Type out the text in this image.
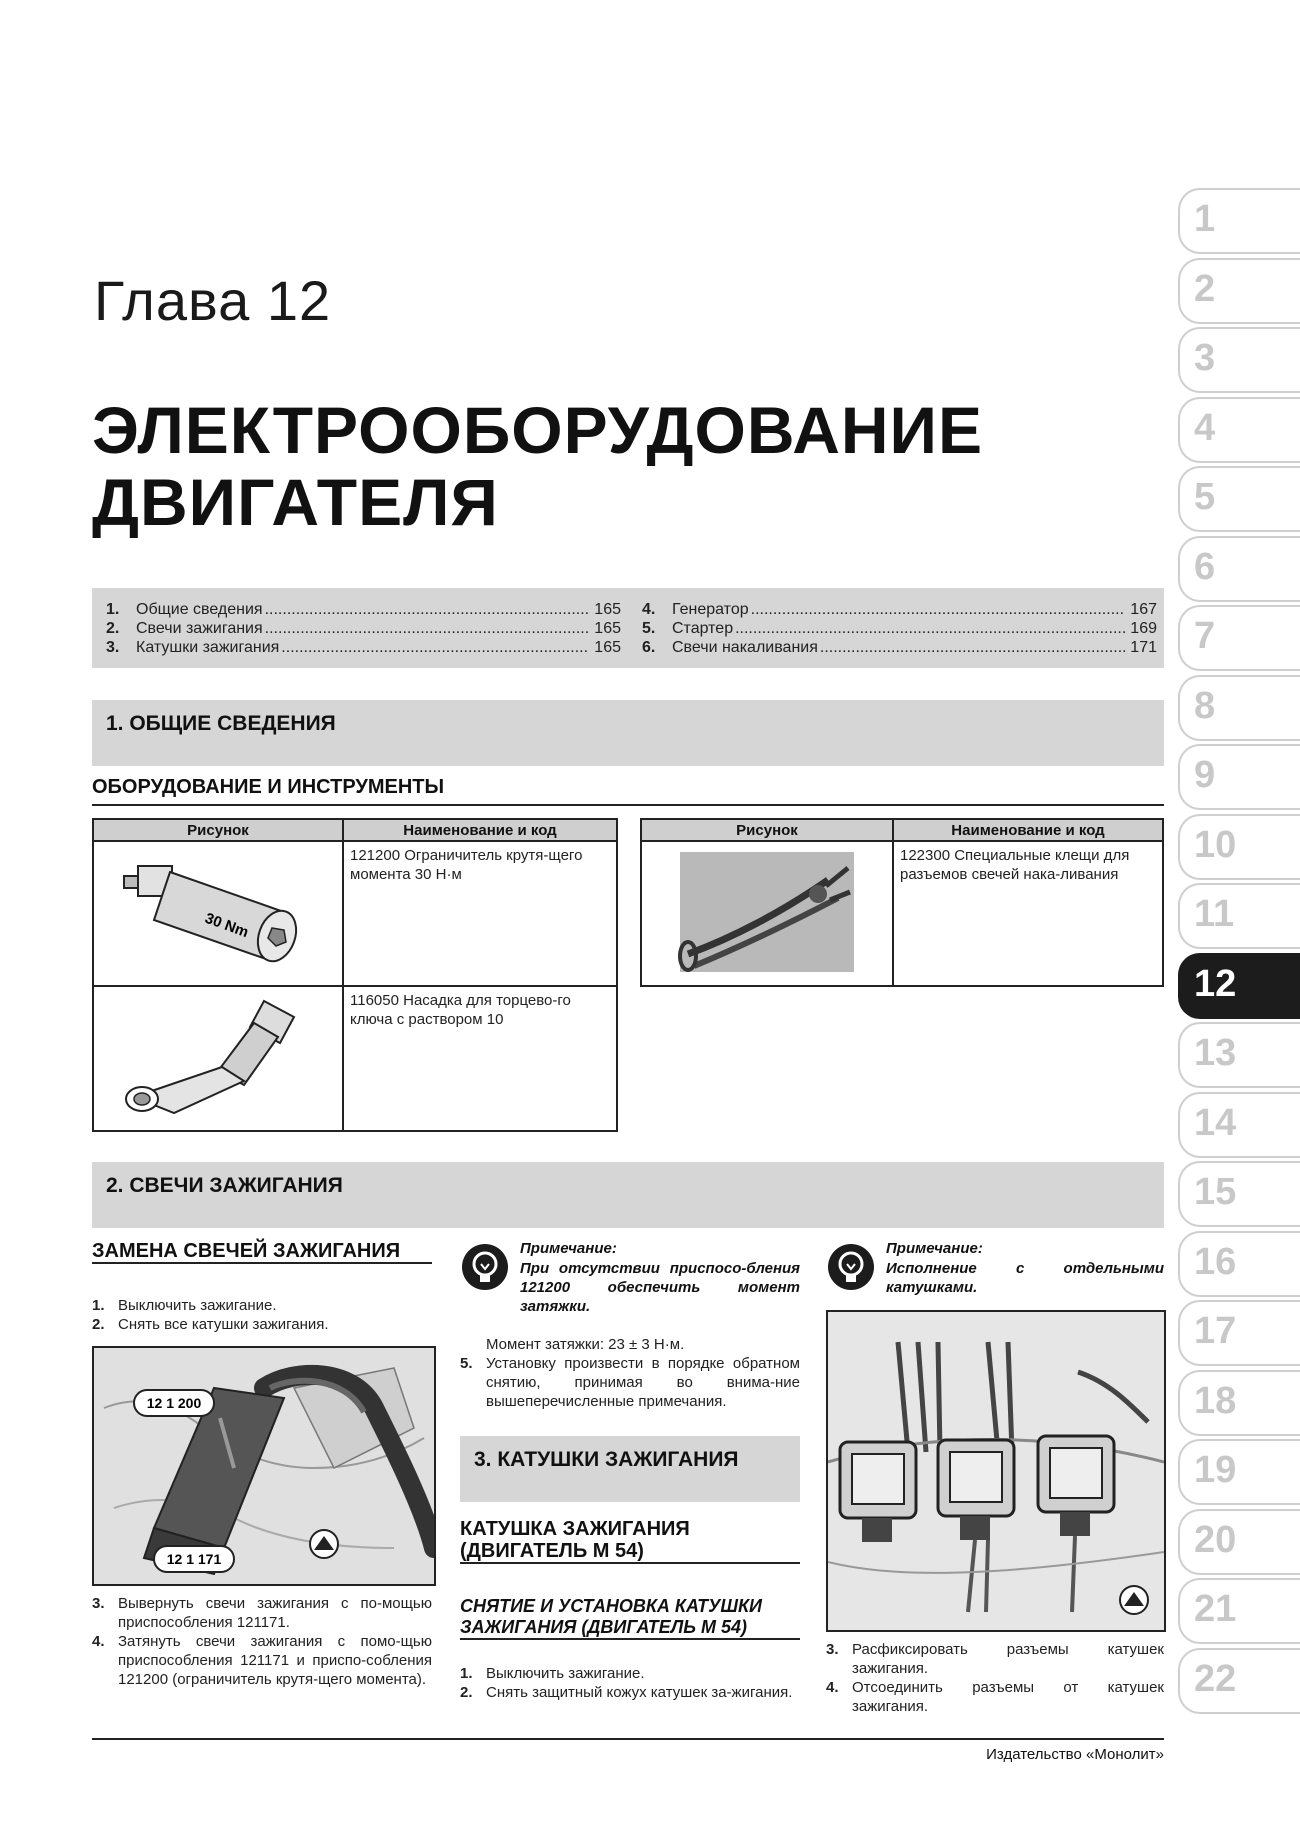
Глава 12
ЭЛЕКТРООБОРУДОВАНИЕ
ДВИГАТЕЛЯ
1.	Общие сведения .....	165
2.	Свечи зажигания .....	165
3.	Катушки зажигания .....	165
4.	Генератор .....	167
5.	Стартер .....	169
6.	Свечи накаливания .....	171
1. ОБЩИЕ СВЕДЕНИЯ
ОБОРУДОВАНИЕ И ИНСТРУМЕНТЫ
Рисунок	Наименование и код

30 Nm	121200 Ограничитель крутя-щего момента 30 Н·м
	116050 Насадка для торцево-го ключа с раствором 10
Рисунок	Наименование и код
	122300 Специальные клещи для разъемов свечей нака-ливания
2. СВЕЧИ ЗАЖИГАНИЯ
ЗАМЕНА СВЕЧЕЙ ЗАЖИГАНИЯ
1. Выключить зажигание.
2. Снять все катушки зажигания.
12 1 200
12 1 171
3. Вывернуть свечи зажигания с по-мощью приспособления 121171.
4. Затянуть свечи зажигания с помо-щью приспособления 121171 и приспо-собления 121200 (ограничитель крутя-щего момента).
Примечание:
При отсутствии приспосо-бления 121200 обеспечить момент затяжки.
Момент затяжки: 23 ± 3 Н·м.
5. Установку произвести в порядке обратном снятию, принимая во внима-ние вышеперечисленные примечания.
3. КАТУШКИ ЗАЖИГАНИЯ
КАТУШКА ЗАЖИГАНИЯ (ДВИГАТЕЛЬ М 54)
СНЯТИЕ И УСТАНОВКА КАТУШКИ ЗАЖИГАНИЯ (ДВИГАТЕЛЬ М 54)
1. Выключить зажигание.
2. Снять защитный кожух катушек за-жигания.
Примечание:
Исполнение с отдельными катушками.
3. Расфиксировать разъемы катушек зажигания.
4. Отсоединить разъемы от катушек зажигания.
Издательство «Монолит»
1
2
3
4
5
6
7
8
9
10
11
12
13
14
15
16
17
18
19
20
21
22
